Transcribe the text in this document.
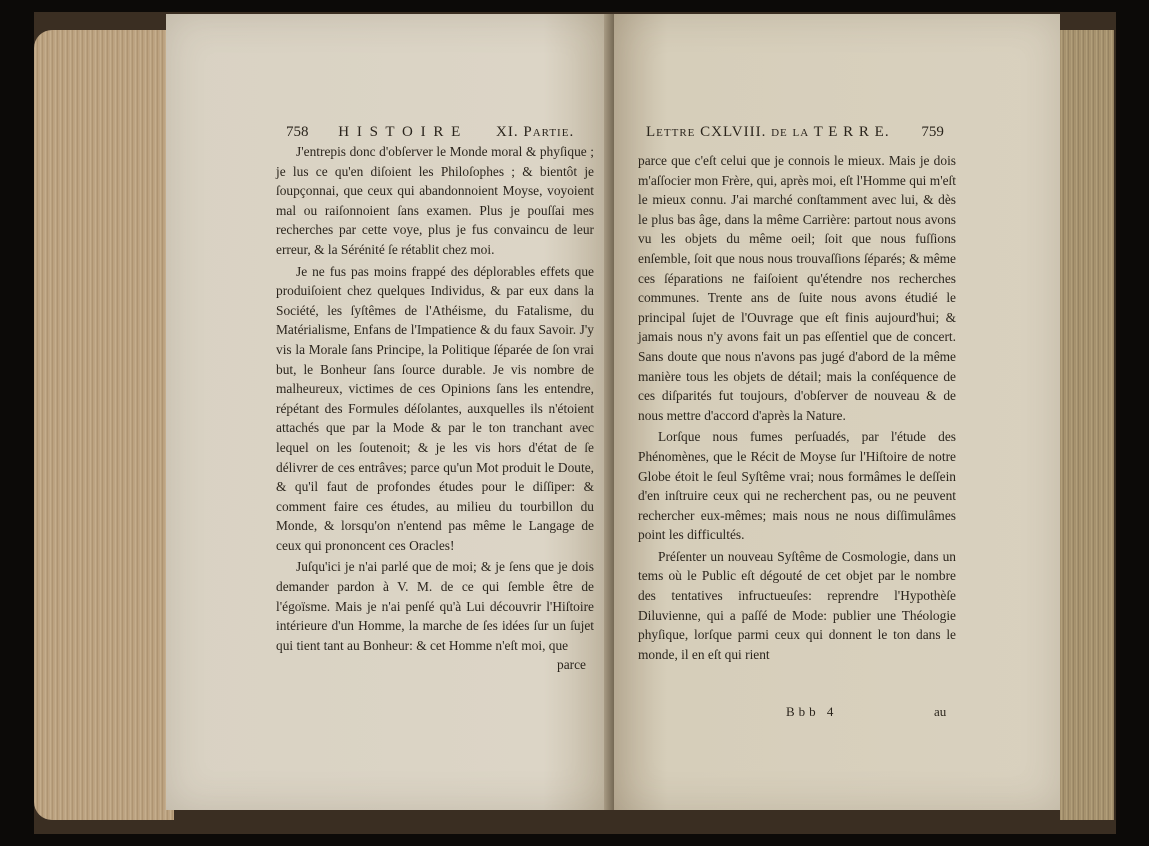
758 H I S T O I R E XI. Partie.

J'entrepis donc d'obſerver le Monde moral & phyſique ; je lus ce qu'en diſoient les Philoſophes ; & bientôt je ſoupçonnai, que ceux qui abandonnoient Moyse, voyoient mal ou raiſonnoient ſans examen. Plus je pouſſai mes recherches par cette voye, plus je fus convaincu de leur erreur, & la Sérénité ſe rétablit chez moi.

Je ne fus pas moins frappé des déplorables effets que produiſoient chez quelques Individus, & par eux dans la Société, les ſyſtêmes de l'Athéisme, du Fatalisme, du Matérialisme, Enfans de l'Impatience & du faux Savoir. J'y vis la Morale ſans Principe, la Politique ſéparée de ſon vrai but, le Bonheur ſans ſource durable. Je vis nombre de malheureux, victimes de ces Opinions ſans les entendre, répétant des Formules déſolantes, auxquelles ils n'étoient attachés que par la Mode & par le ton tranchant avec lequel on les ſoutenoit; & je les vis hors d'état de ſe délivrer de ces entrâves; parce qu'un Mot produit le Doute, & qu'il faut de profondes études pour le diſſiper: & comment faire ces études, au milieu du tourbillon du Monde, & lorsqu'on n'entend pas même le Langage de ceux qui prononcent ces Oracles!

Juſqu'ici je n'ai parlé que de moi; & je ſens que je dois demander pardon à V. M. de ce qui ſemble être de l'égoïsme. Mais je n'ai penſé qu'à Lui découvrir l'Hiſtoire intérieure d'un Homme, la marche de ſes idées ſur un ſujet qui tient tant au Bonheur: & cet Homme n'eſt moi, que

parce
Lettre CXLVIII. de la T E R R E. 759

parce que c'eſt celui que je connois le mieux. Mais je dois m'aſſocier mon Frère, qui, après moi, eſt l'Homme qui m'eſt le mieux connu. J'ai marché conſtamment avec lui, & dès le plus bas âge, dans la même Carrière: partout nous avons vu les objets du même oeil; ſoit que nous fuſſions enſemble, ſoit que nous nous trouvaſſions ſéparés; & même ces ſéparations ne faiſoient qu'étendre nos recherches communes. Trente ans de ſuite nous avons étudié le principal ſujet de l'Ouvrage que eſt finis aujourd'hui; & jamais nous n'y avons fait un pas eſſentiel que de concert. Sans doute que nous n'avons pas jugé d'abord de la même manière tous les objets de détail; mais la conſéquence de ces diſparités fut toujours, d'obſerver de nouveau & de nous mettre d'accord d'après la Nature.

Lorſque nous fumes perſuadés, par l'étude des Phénomènes, que le Récit de Moyse ſur l'Hiſtoire de notre Globe étoit le ſeul Syſtême vrai; nous formâmes le deſſein d'en inſtruire ceux qui ne recherchent pas, ou ne peuvent rechercher eux-mêmes; mais nous ne nous diſſimulâmes point les difficultés.

Préſenter un nouveau Syſtême de Cosmologie, dans un tems où le Public eſt dégouté de cet objet par le nombre des tentatives infructueuſes: reprendre l'Hypothèſe Diluvienne, qui a paſſé de Mode: publier une Théologie phyſique, lorſque parmi ceux qui donnent le ton dans le monde, il en eſt qui rient

Bbb 4	au
